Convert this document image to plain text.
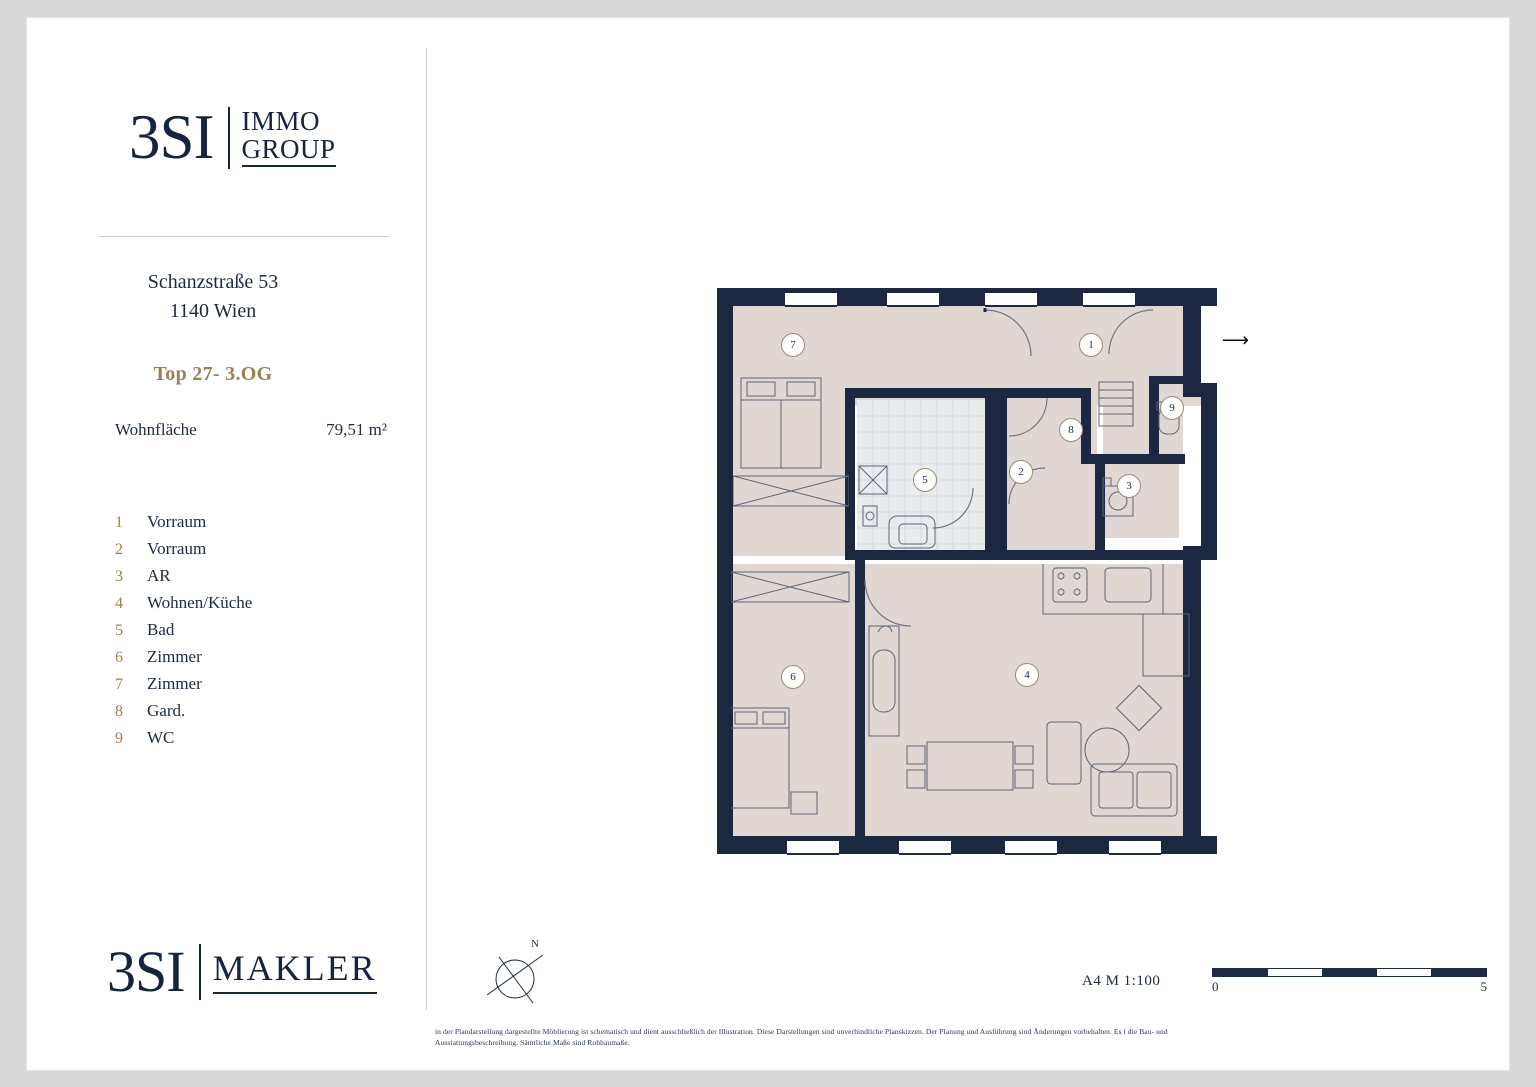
3SI IMMO
GROUP
Schanzstraße 53
1140 Wien
Top 27- 3.OG
Wohnfläche	79,51 m²
1	Vorraum
2	Vorraum
3	AR
4	Wohnen/Küche
5	Bad
6	Zimmer
7	Zimmer
8	Gard.
9	WC
3SI MAKLER
⟶
7	1
9
8
5
2
3
6	4
N
A4 M 1:100	0	5
in der Plandarstellung dargestellte Möblierung ist schematisch und dient ausschließlich der Illustration. Diese Darstellungen sind unverbindliche Planskizzen. Der Planung und Ausführung sind Änderungen vorbehalten. Es l die Bau- und Ausstattungsbeschreibung. Sämtliche Maße sind Rohbaumaße.
